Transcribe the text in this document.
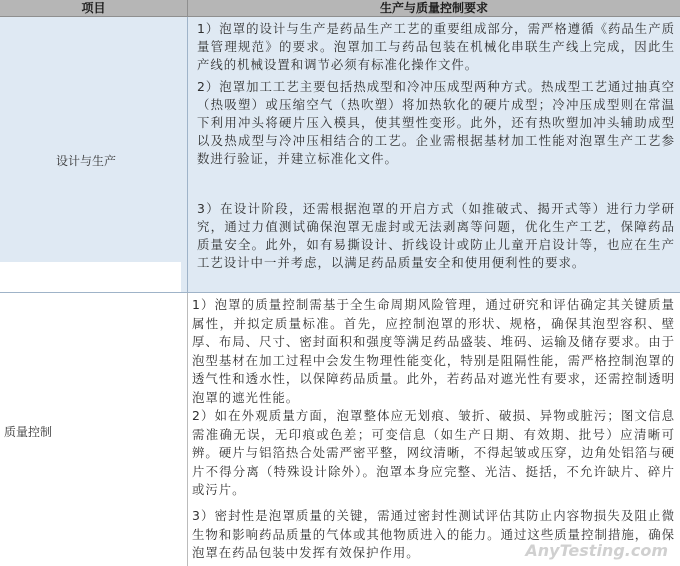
项目	生产与质量控制要求
设计与生产
质量控制

1）泡罩的设计与生产是药品生产工艺的重要组成部分，需严格遵循《药品生产质量管理规范》的要求。泡罩加工与药品包装在机械化串联生产线上完成，因此生产线的机械设置和调节必须有标准化操作文件。

2）泡罩加工工艺主要包括热成型和冷冲压成型两种方式。热成型工艺通过抽真空（热吸塑）或压缩空气（热吹塑）将加热软化的硬片成型；冷冲压成型则在常温下利用冲头将硬片压入模具，使其塑性变形。此外，还有热吹塑加冲头辅助成型以及热成型与冷冲压相结合的工艺。企业需根据基材加工性能对泡罩生产工艺参数进行验证，并建立标准化文件。

3）在设计阶段，还需根据泡罩的开启方式（如推破式、揭开式等）进行力学研究，通过力值测试确保泡罩无虚封或无法剥离等问题，优化生产工艺，保障药品质量安全。此外，如有易撕设计、折线设计或防止儿童开启设计等，也应在生产工艺设计中一并考虑，以满足药品质量安全和使用便利性的要求。

1）泡罩的质量控制需基于全生命周期风险管理，通过研究和评估确定其关键质量属性，并拟定质量标准。首先，应控制泡罩的形状、规格，确保其泡型容积、壁厚、布局、尺寸、密封面积和强度等满足药品盛装、堆码、运输及储存要求。由于泡型基材在加工过程中会发生物理性能变化，特别是阻隔性能，需严格控制泡罩的透气性和透水性，以保障药品质量。此外，若药品对遮光性有要求，还需控制透明泡罩的遮光性能。

2）如在外观质量方面，泡罩整体应无划痕、皱折、破损、异物或脏污；图文信息需准确无误，无印痕或色差；可变信息（如生产日期、有效期、批号）应清晰可辨。硬片与铝箔热合处需严密平整，网纹清晰，不得起皱或压穿，边角处铝箔与硬片不得分离（特殊设计除外）。泡罩本身应完整、光洁、挺括，不允许缺片、碎片或污片。

3）密封性是泡罩质量的关键，需通过密封性测试评估其防止内容物损失及阻止微生物和影响药品质量的气体或其他物质进入的能力。通过这些质量控制措施，确保泡罩在药品包装中发挥有效保护作用。	AnyTesting.com
